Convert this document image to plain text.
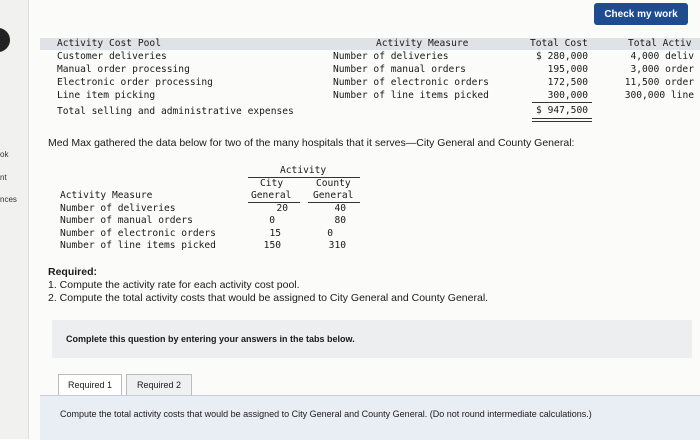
ok
nt
nces
Check my work
Activity Cost Pool	Activity Measure	Total Cost	Total Activ
Customer deliveries	Number of deliveries	$ 280,000	4,000 deliv
Manual order processing	Number of manual orders	195,000	3,000 order
Electronic order processing	Number of electronic orders	172,500	11,500 order
Line item picking	Number of line items picked	300,000	300,000 line
Total selling and administrative expenses	$ 947,500
Med Max gathered the data below for two of the many hospitals that it serves—City General and County General:
Activity
City	County
General General
Activity Measure
Number of deliveries	20	40
Number of manual orders	0	80
Number of electronic orders	15	0
Number of line items picked	150	310
Required:
1. Compute the activity rate for each activity cost pool.
2. Compute the total activity costs that would be assigned to City General and County General.
Complete this question by entering your answers in the tabs below.
Required 1	Required 2
Compute the total activity costs that would be assigned to City General and County General. (Do not round intermediate calculations.)
